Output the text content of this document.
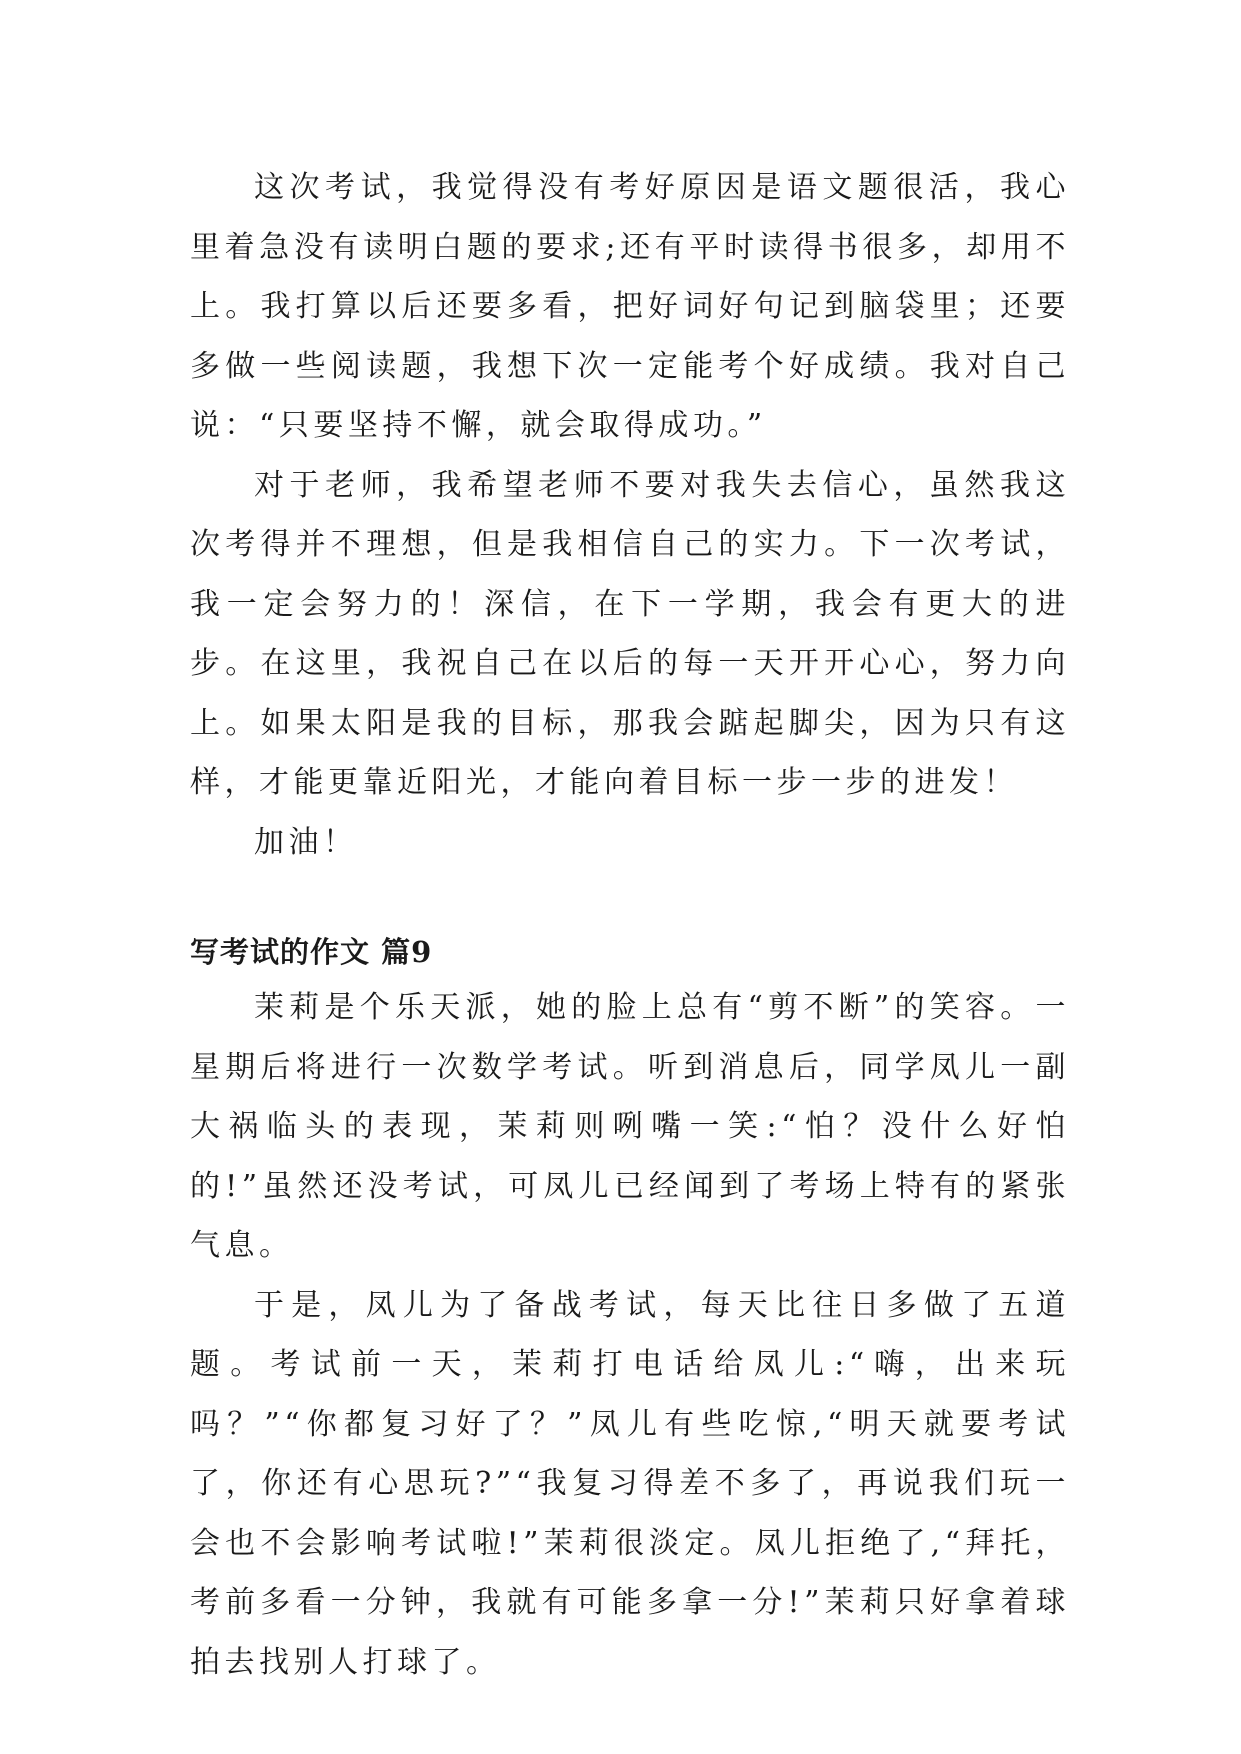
这次考试，我觉得没有考好原因是语文题很活，我心里着急没有读明白题的要求;还有平时读得书很多，却用不上。我打算以后还要多看，把好词好句记到脑袋里；还要多做一些阅读题，我想下次一定能考个好成绩。我对自己说：“只要坚持不懈，就会取得成功。”

对于老师，我希望老师不要对我失去信心，虽然我这次考得并不理想，但是我相信自己的实力。下一次考试，我一定会努力的！深信，在下一学期，我会有更大的进步。在这里，我祝自己在以后的每一天开开心心，努力向上。如果太阳是我的目标，那我会踮起脚尖，因为只有这样，才能更靠近阳光，才能向着目标一步一步的进发！

加油！

写考试的作文 篇9

茉莉是个乐天派，她的脸上总有“剪不断”的笑容。一星期后将进行一次数学考试。听到消息后，同学凤儿一副大祸临头的表现，茉莉则咧嘴一笑:“怕？没什么好怕的!”虽然还没考试，可凤儿已经闻到了考场上特有的紧张气息。

于是，凤儿为了备战考试，每天比往日多做了五道题。考试前一天，茉莉打电话给凤儿:“嗨，出来玩吗？”“你都复习好了？”凤儿有些吃惊,“明天就要考试了，你还有心思玩?”“我复习得差不多了，再说我们玩一会也不会影响考试啦!”茉莉很淡定。凤儿拒绝了,“拜托，考前多看一分钟，我就有可能多拿一分!”茉莉只好拿着球拍去找别人打球了。
